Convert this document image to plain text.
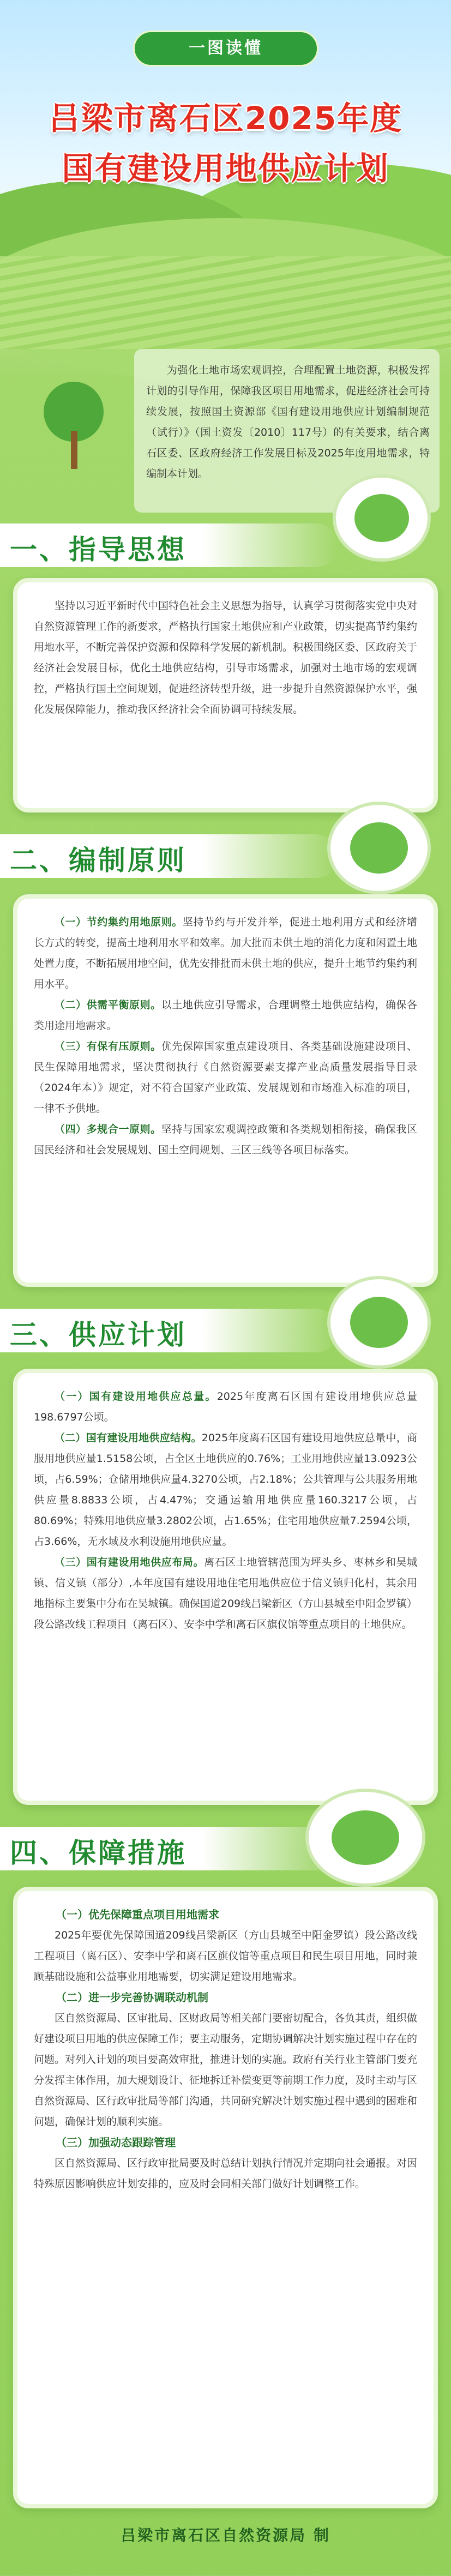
一图读懂
吕梁市离石区2025年度
国有建设用地供应计划
为强化土地市场宏观调控，合理配置土地资源，积极发挥计划的引导作用，保障我区项目用地需求，促进经济社会可持续发展，按照国土资源部《国有建设用地供应计划编制规范（试行）》（国土资发〔2010〕117号）的有关要求，结合离石区委、区政府经济工作发展目标及2025年度用地需求，特编制本计划。
一、指导思想
坚持以习近平新时代中国特色社会主义思想为指导，认真学习贯彻落实党中央对自然资源管理工作的新要求，严格执行国家土地供应和产业政策，切实提高节约集约用地水平，不断完善保护资源和保障科学发展的新机制。积极围绕区委、区政府关于经济社会发展目标，优化土地供应结构，引导市场需求，加强对土地市场的宏观调控，严格执行国土空间规划，促进经济转型升级，进一步提升自然资源保护水平，强化发展保障能力，推动我区经济社会全面协调可持续发展。
二、编制原则
（一）节约集约用地原则。坚持节约与开发并举，促进土地利用方式和经济增长方式的转变，提高土地利用水平和效率。加大批而未供土地的消化力度和闲置土地处置力度，不断拓展用地空间，优先安排批而未供土地的供应，提升土地节约集约利用水平。
（二）供需平衡原则。以土地供应引导需求，合理调整土地供应结构，确保各类用途用地需求。
（三）有保有压原则。优先保障国家重点建设项目、各类基础设施建设项目、民生保障用地需求，坚决贯彻执行《自然资源要素支撑产业高质量发展指导目录（2024年本）》规定，对不符合国家产业政策、发展规划和市场准入标准的项目，一律不予供地。
（四）多规合一原则。坚持与国家宏观调控政策和各类规划相衔接，确保我区国民经济和社会发展规划、国土空间规划、三区三线等各项目标落实。
三、供应计划
（一）国有建设用地供应总量。2025年度离石区国有建设用地供应总量198.6797公顷。
（二）国有建设用地供应结构。2025年度离石区国有建设用地供应总量中，商服用地供应量1.5158公顷，占全区土地供应的0.76%；工业用地供应量13.0923公顷，占6.59%；仓储用地供应量4.3270公顷，占2.18%；公共管理与公共服务用地供应量8.8833公顷，占4.47%；交通运输用地供应量160.3217公顷，占80.69%；特殊用地供应量3.2802公顷，占1.65%；住宅用地供应量7.2594公顷，占3.66%，无水域及水利设施用地供应量。
（三）国有建设用地供应布局。离石区土地管辖范围为坪头乡、枣林乡和吴城镇、信义镇（部分）,本年度国有建设用地住宅用地供应位于信义镇归化村，其余用地指标主要集中分布在吴城镇。确保国道209线吕梁新区（方山县城至中阳金罗镇）段公路改线工程项目（离石区）、安李中学和离石区旗仪馆等重点项目的土地供应。
四、保障措施
（一）优先保障重点项目用地需求
2025年要优先保障国道209线吕梁新区（方山县城至中阳金罗镇）段公路改线工程项目（离石区）、安李中学和离石区旗仪馆等重点项目和民生项目用地，同时兼顾基础设施和公益事业用地需要，切实满足建设用地需求。
（二）进一步完善协调联动机制
区自然资源局、区审批局、区财政局等相关部门要密切配合，各负其责，组织做好建设项目用地的供应保障工作；要主动服务，定期协调解决计划实施过程中存在的问题。对列入计划的项目要高效审批，推进计划的实施。政府有关行业主管部门要充分发挥主体作用，加大规划设计、征地拆迁补偿变更等前期工作力度，及时主动与区自然资源局、区行政审批局等部门沟通，共同研究解决计划实施过程中遇到的困难和问题，确保计划的顺利实施。
（三）加强动态跟踪管理
区自然资源局、区行政审批局要及时总结计划执行情况并定期向社会通报。对因特殊原因影响供应计划安排的，应及时会同相关部门做好计划调整工作。
吕梁市离石区自然资源局 制
